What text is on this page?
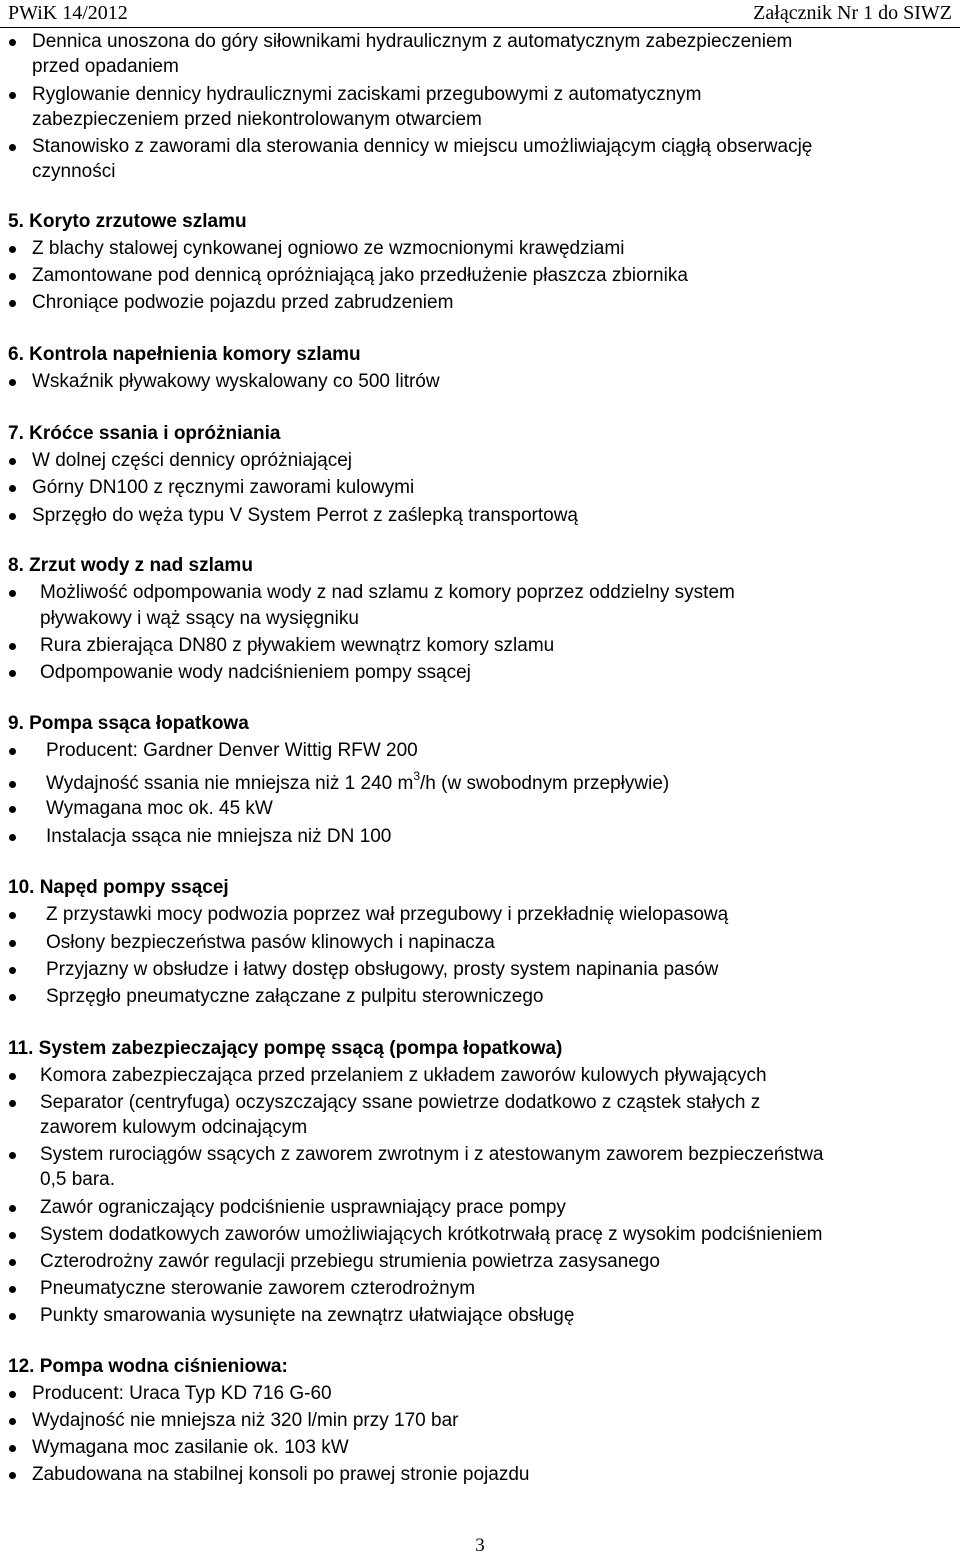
PWiK 14/2012	Załącznik Nr 1 do SIWZ
Dennica unoszona do góry siłownikami hydraulicznym z automatycznym zabezpieczeniem
przed opadaniem
Ryglowanie dennicy hydraulicznymi zaciskami przegubowymi z automatycznym
zabezpieczeniem przed niekontrolowanym otwarciem
Stanowisko z zaworami dla sterowania dennicy w miejscu umożliwiającym ciągłą obserwację
czynności
5. Koryto zrzutowe szlamu
Z blachy stalowej cynkowanej ogniowo ze wzmocnionymi krawędziami
Zamontowane pod dennicą opróżniającą jako przedłużenie płaszcza zbiornika
Chroniące podwozie pojazdu przed zabrudzeniem
6. Kontrola napełnienia komory szlamu
Wskaźnik pływakowy wyskalowany co 500 litrów
7. Króćce ssania i opróżniania
W dolnej części dennicy opróżniającej
Górny DN100 z ręcznymi zaworami kulowymi
Sprzęgło do węża typu V System Perrot z zaślepką transportową
8. Zrzut wody z nad szlamu
Możliwość odpompowania wody z nad szlamu z komory poprzez oddzielny system
pływakowy i wąż ssący na wysięgniku
Rura zbierająca DN80 z pływakiem wewnątrz komory szlamu
Odpompowanie wody nadciśnieniem pompy ssącej
9. Pompa ssąca łopatkowa
Producent: Gardner Denver Wittig RFW 200
Wydajność ssania nie mniejsza niż 1 240 $m^3/h$ (w swobodnym przepływie)
Wymagana moc ok. 45 kW
Instalacja ssąca nie mniejsza niż DN 100
10. Napęd pompy ssącej
Z przystawki mocy podwozia poprzez wał przegubowy i przekładnię wielopasową
Osłony bezpieczeństwa pasów klinowych i napinacza
Przyjazny w obsłudze i łatwy dostęp obsługowy, prosty system napinania pasów
Sprzęgło pneumatyczne załączane z pulpitu sterowniczego
11. System zabezpieczający pompę ssącą (pompa łopatkowa)
Komora zabezpieczająca przed przelaniem z układem zaworów kulowych pływających
Separator (centryfuga) oczyszczający ssane powietrze dodatkowo z cząstek stałych z
zaworem kulowym odcinającym
System rurociągów ssących z zaworem zwrotnym i z atestowanym zaworem bezpieczeństwa
0,5 bara.
Zawór ograniczający podciśnienie usprawniający prace pompy
System dodatkowych zaworów umożliwiających krótkotrwałą pracę z wysokim podciśnieniem
Czterodrożny zawór regulacji przebiegu strumienia powietrza zasysanego
Pneumatyczne sterowanie zaworem czterodrożnym
Punkty smarowania wysunięte na zewnątrz ułatwiające obsługę
12. Pompa wodna ciśnieniowa:
Producent: Uraca Typ KD 716 G-60
Wydajność nie mniejsza niż 320 l/min przy 170 bar
Wymagana moc zasilanie ok. 103 kW
Zabudowana na stabilnej konsoli po prawej stronie pojazdu
3
